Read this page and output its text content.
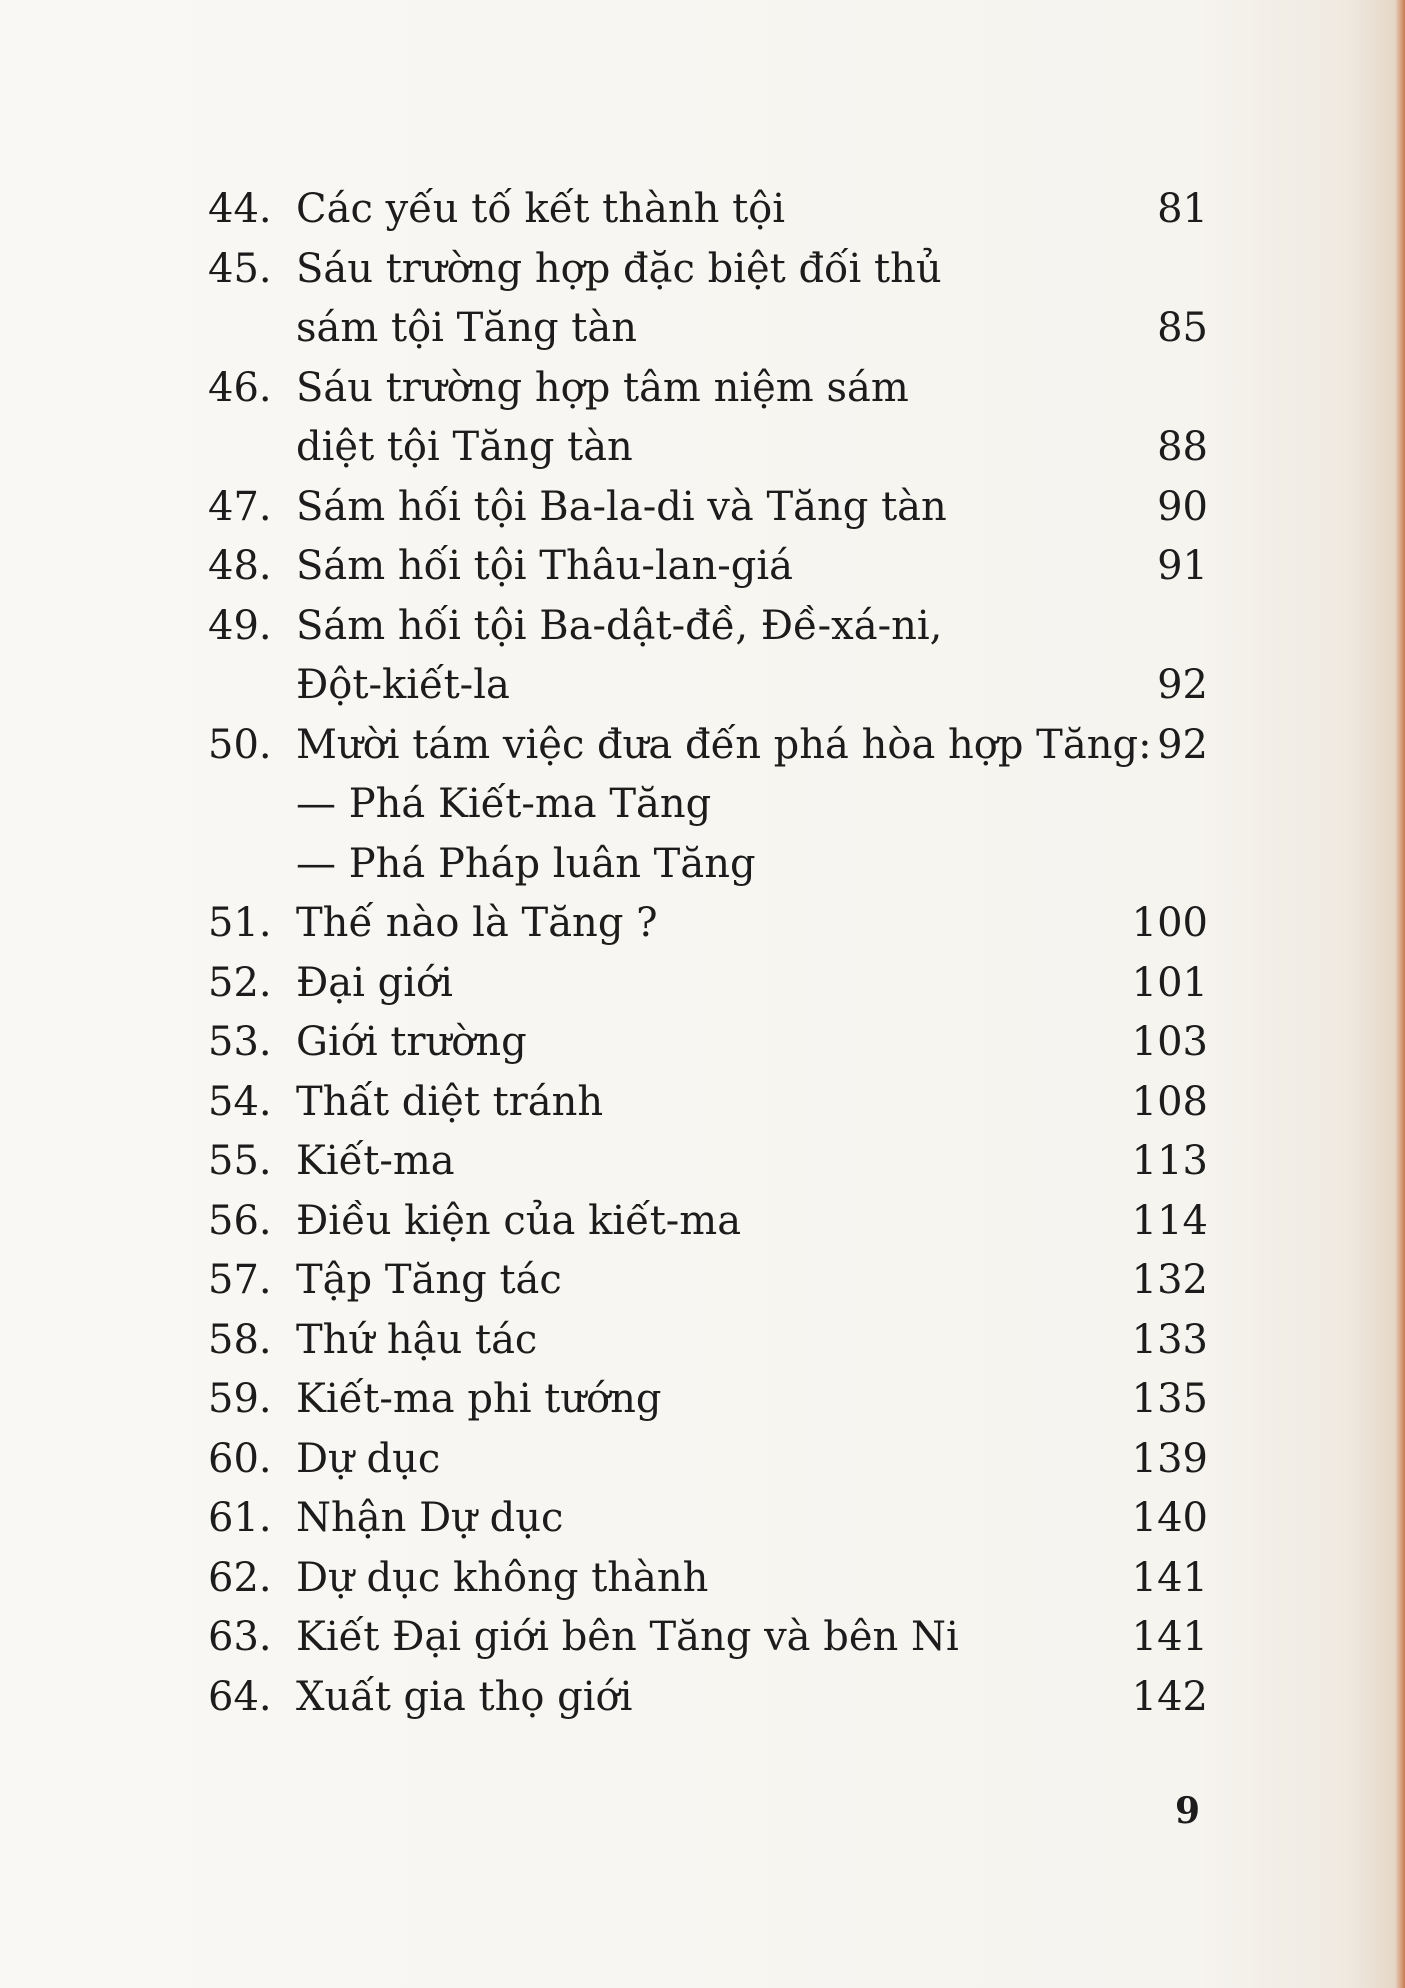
44. Các yếu tố kết thành tội	81
45. Sáu trường hợp đặc biệt đối thủ
sám tội Tăng tàn	85
46. Sáu trường hợp tâm niệm sám
diệt tội Tăng tàn	88
47. Sám hối tội Ba-la-di và Tăng tàn	90
48. Sám hối tội Thâu-lan-giá	91
49. Sám hối tội Ba-dật-đề, Đề-xá-ni,
Đột-kiết-la	92
50. Mười tám việc đưa đến phá hòa hợp Tăng: 92
— Phá Kiết-ma Tăng
— Phá Pháp luân Tăng
51. Thế nào là Tăng ?	100
52. Đại giới	101
53. Giới trường	103
54. Thất diệt tránh	108
55. Kiết-ma	113
56. Điều kiện của kiết-ma	114
57. Tập Tăng tác	132
58. Thứ hậu tác	133
59. Kiết-ma phi tướng	135
60. Dự dục	139
61. Nhận Dự dục	140
62. Dự dục không thành	141
63. Kiết Đại giới bên Tăng và bên Ni	141
64. Xuất gia thọ giới	142
9
